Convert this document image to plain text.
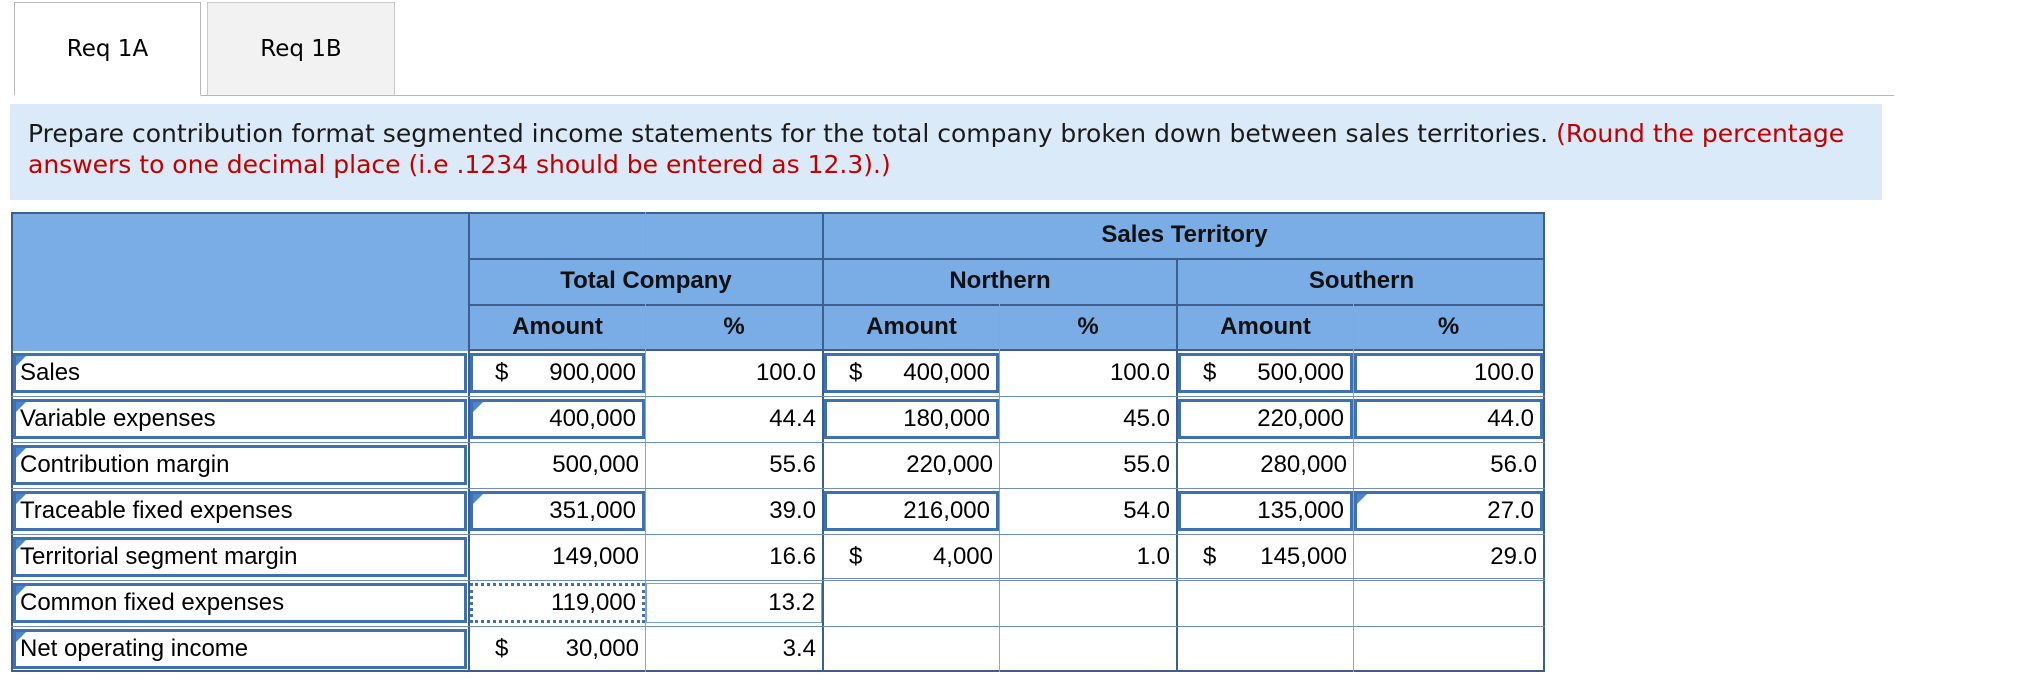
Req 1A	Req 1B
Prepare contribution format segmented income statements for the total company broken down between sales territories. (Round the percentage answers to one decimal place (i.e .1234 should be entered as 12.3).)
Sales Territory
Total Company	Northern	Southern
Amount	%	Amount	%	Amount	%
Sales	$	900,000	100.0 $	400,000	100.0 $	500,000	100.0
Variable expenses	400,000	44.4	180,000	45.0	220,000	44.0
Contribution margin	500,000	55.6	220,000	55.0	280,000	56.0
Traceable fixed expenses	351,000	39.0	216,000	54.0	135,000	27.0
Territorial segment margin	149,000	16.6 $	4,000	1.0 $	145,000	29.0
Common fixed expenses	119,000	13.2
Net operating income	$	30,000	3.4
